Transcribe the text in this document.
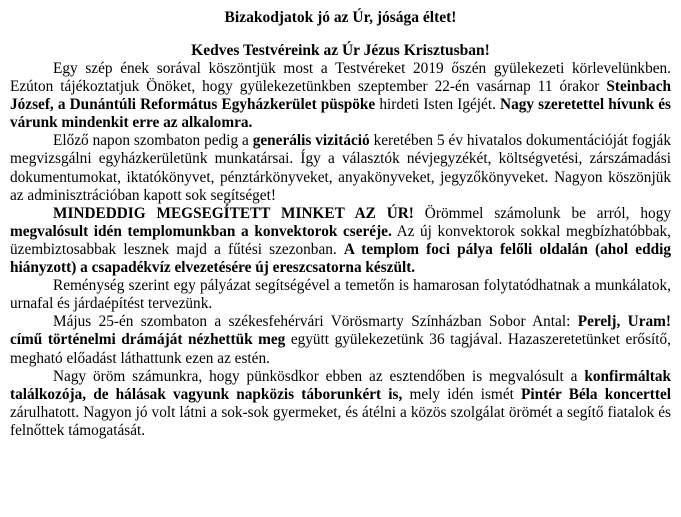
Bizakodjatok jó az Úr, jósága éltet!

Kedves Testvéreink az Úr Jézus Krisztusban!

Egy szép ének sorával köszöntjük most a Testvéreket 2019 őszén gyülekezeti körlevelünkben. Ezúton tájékoztatjuk Önöket, hogy gyülekezetünkben szeptember 22-én vasárnap 11 órakor Steinbach József, a Dunántúli Református Egyházkerület püspöke hirdeti Isten Igéjét. Nagy szeretettel hívunk és várunk mindenkit erre az alkalomra.

Előző napon szombaton pedig a generális vizitáció keretében 5 év hivatalos dokumentációját fogják megvizsgálni egyházkerületünk munkatársai. Így a választók névjegyzékét, költségvetési, zárszámadási dokumentumokat, iktatókönyvet, pénztárkönyveket, anyakönyveket, jegyzőkönyveket. Nagyon köszönjük az adminisztrációban kapott sok segítséget!

MINDEDDIG MEGSEGÍTETT MINKET AZ ÚR! Örömmel számolunk be arról, hogy megvalósult idén templomunkban a konvektorok cseréje. Az új konvektorok sokkal megbízhatóbbak, üzembiztosabbak lesznek majd a fűtési szezonban. A templom foci pálya felőli oldalán (ahol eddig hiányzott) a csapadékvíz elvezetésére új ereszcsatorna készült.

Reménység szerint egy pályázat segítségével a temetőn is hamarosan folytatódhatnak a munkálatok, urnafal és járdaépítést tervezünk.

Május 25-én szombaton a székesfehérvári Vörösmarty Színházban Sobor Antal: Perelj, Uram! című történelmi drámáját nézhettük meg együtt gyülekezetünk 36 tagjával. Hazaszeretetünket erősítő, megható előadást láthattunk ezen az estén.

Nagy öröm számunkra, hogy pünkösdkor ebben az esztendőben is megvalósult a konfirmáltak találkozója, de hálásak vagyunk napközis táborunkért is, mely idén ismét Pintér Béla koncerttel zárulhatott. Nagyon jó volt látni a sok-sok gyermeket, és átélni a közös szolgálat örömét a segítő fiatalok és felnőttek támogatását.
